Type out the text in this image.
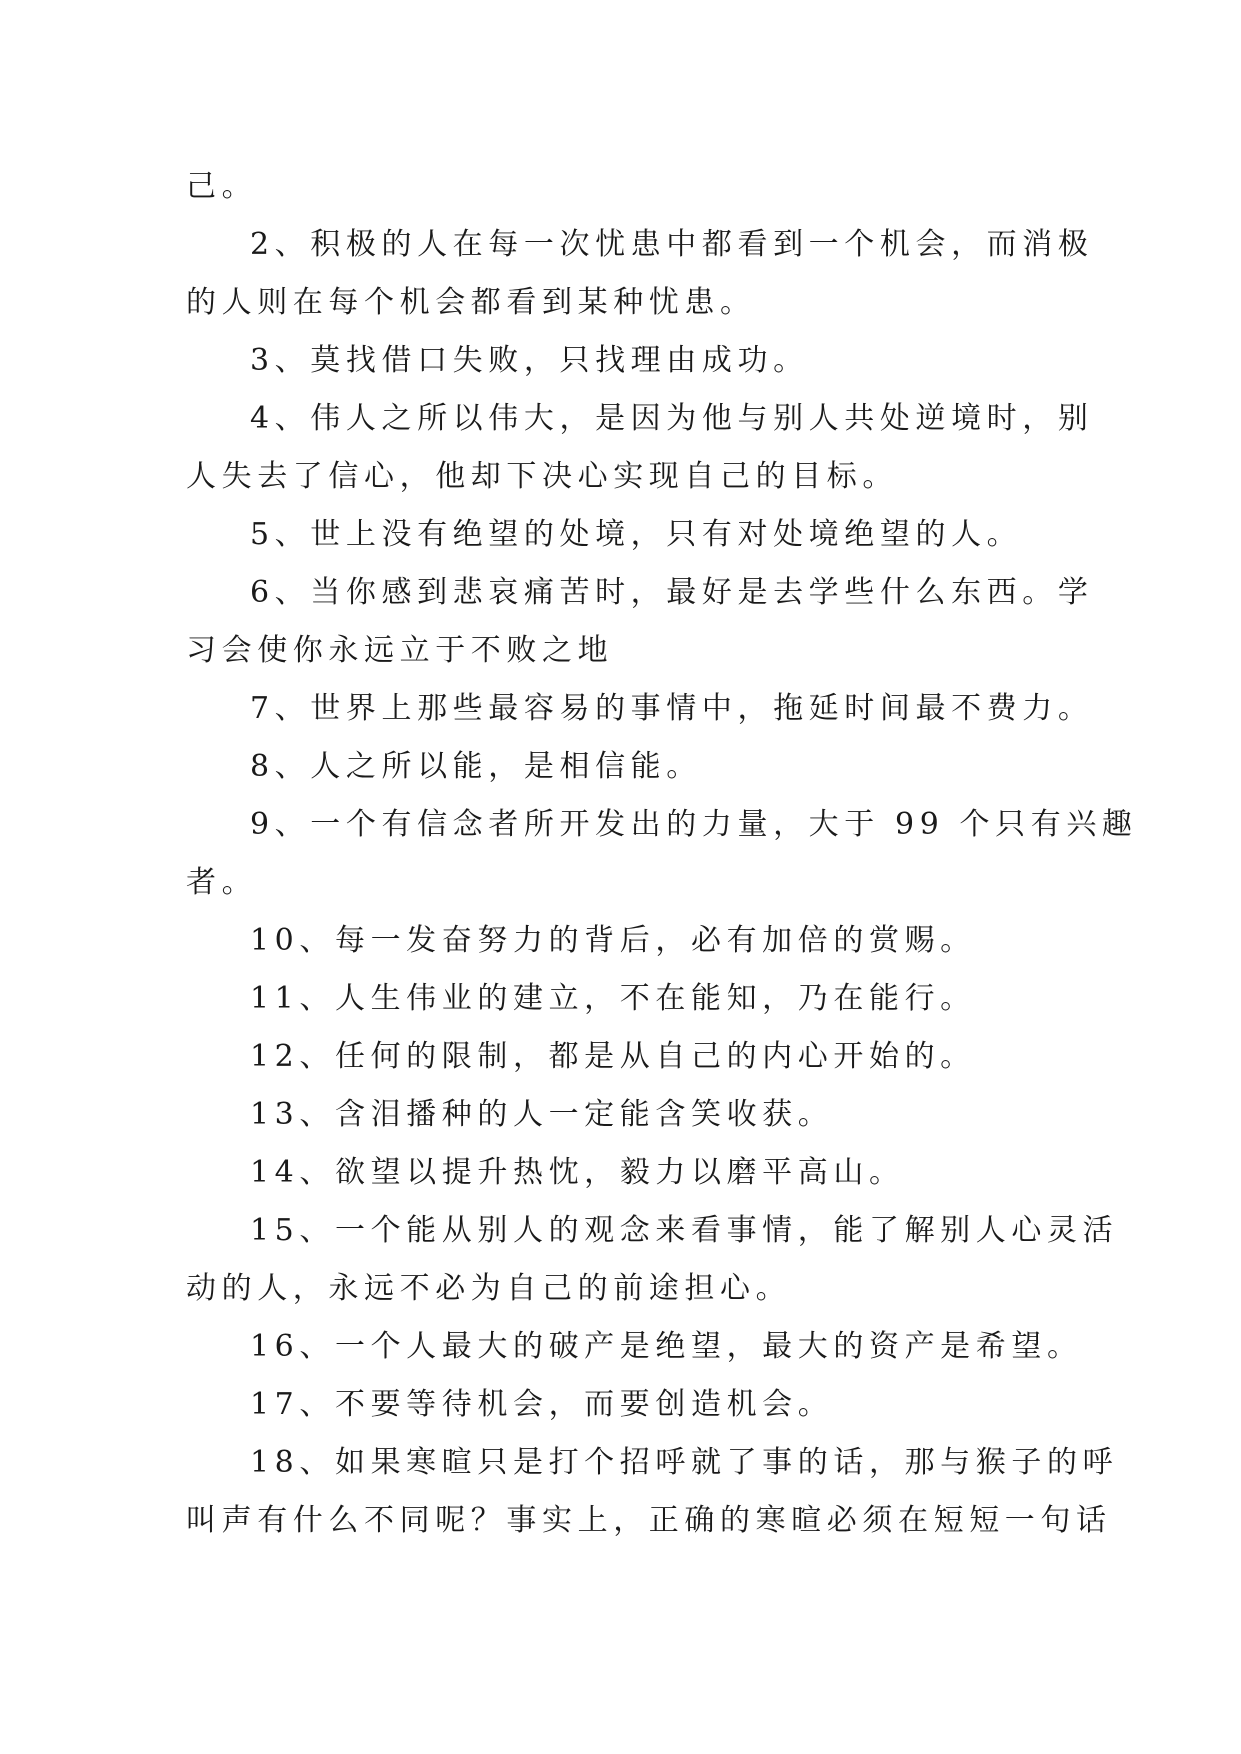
己。
2、积极的人在每一次忧患中都看到一个机会，而消极
的人则在每个机会都看到某种忧患。
3、莫找借口失败，只找理由成功。
4、伟人之所以伟大，是因为他与别人共处逆境时，别
人失去了信心，他却下决心实现自己的目标。
5、世上没有绝望的处境，只有对处境绝望的人。
6、当你感到悲哀痛苦时，最好是去学些什么东西。学
习会使你永远立于不败之地
7、世界上那些最容易的事情中，拖延时间最不费力。
8、人之所以能，是相信能。
9、一个有信念者所开发出的力量，大于 99 个只有兴趣
者。
10、每一发奋努力的背后，必有加倍的赏赐。
11、人生伟业的建立，不在能知，乃在能行。
12、任何的限制，都是从自己的内心开始的。
13、含泪播种的人一定能含笑收获。
14、欲望以提升热忱，毅力以磨平高山。
15、一个能从别人的观念来看事情，能了解别人心灵活
动的人，永远不必为自己的前途担心。
16、一个人最大的破产是绝望，最大的资产是希望。
17、不要等待机会，而要创造机会。
18、如果寒暄只是打个招呼就了事的话，那与猴子的呼
叫声有什么不同呢？事实上，正确的寒暄必须在短短一句话
